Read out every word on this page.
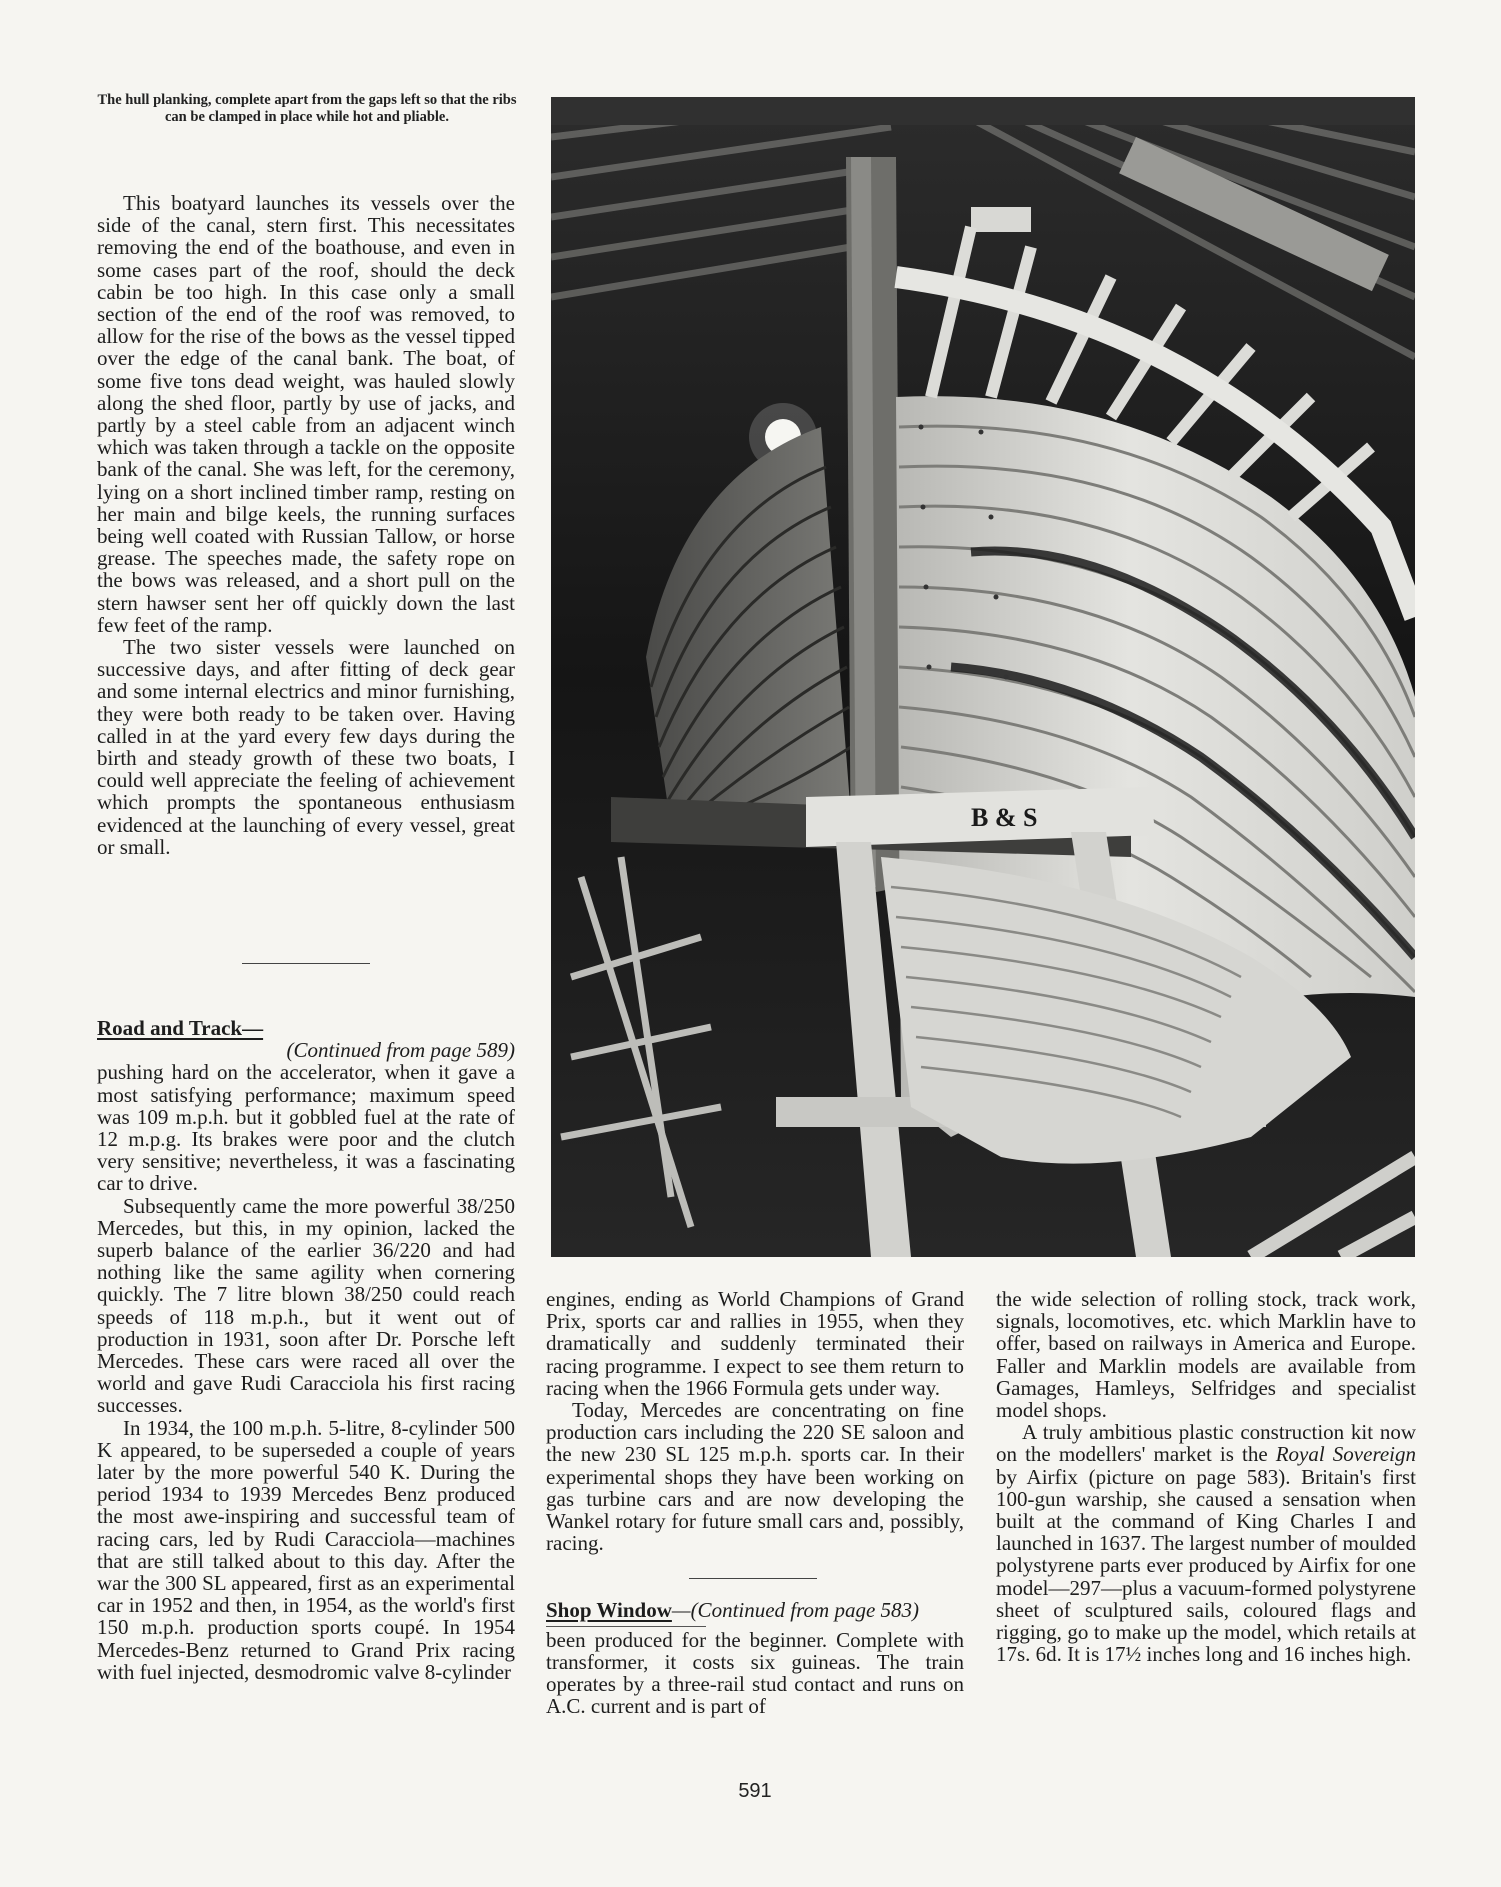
The hull planking, complete apart from the gaps left so that the ribs can be clamped in place while hot and pliable.

This boatyard launches its vessels over the side of the canal, stern first. This necessitates removing the end of the boathouse, and even in some cases part of the roof, should the deck cabin be too high. In this case only a small section of the end of the roof was removed, to allow for the rise of the bows as the vessel tipped over the edge of the canal bank. The boat, of some five tons dead weight, was hauled slowly along the shed floor, partly by use of jacks, and partly by a steel cable from an adjacent winch which was taken through a tackle on the opposite bank of the canal. She was left, for the ceremony, lying on a short inclined timber ramp, resting on her main and bilge keels, the running surfaces being well coated with Russian Tallow, or horse grease. The speeches made, the safety rope on the bows was released, and a short pull on the stern hawser sent her off quickly down the last few feet of the ramp.

The two sister vessels were launched on successive days, and after fitting of deck gear and some internal electrics and minor furnishing, they were both ready to be taken over. Having called in at the yard every few days during the birth and steady growth of these two boats, I could well appreciate the feeling of achievement which prompts the spontaneous enthusiasm evidenced at the launching of every vessel, great or small.

Road and Track—

(Continued from page 589)

pushing hard on the accelerator, when it gave a most satisfying performance; maximum speed was 109 m.p.h. but it gobbled fuel at the rate of 12 m.p.g. Its brakes were poor and the clutch very sensitive; nevertheless, it was a fascinating car to drive.

Subsequently came the more powerful 38/250 Mercedes, but this, in my opinion, lacked the superb balance of the earlier 36/220 and had nothing like the same agility when cornering quickly. The 7 litre blown 38/250 could reach speeds of 118 m.p.h., but it went out of production in 1931, soon after Dr. Porsche left Mercedes. These cars were raced all over the world and gave Rudi Caracciola his first racing successes.

In 1934, the 100 m.p.h. 5-litre, 8-cylinder 500 K appeared, to be superseded a couple of years later by the more powerful 540 K. During the period 1934 to 1939 Mercedes Benz produced the most awe-inspiring and successful team of racing cars, led by Rudi Caracciola—machines that are still talked about to this day. After the war the 300 SL appeared, first as an experimental car in 1952 and then, in 1954, as the world's first 150 m.p.h. production sports coupé. In 1954 Mercedes-Benz returned to Grand Prix racing with fuel injected, desmodromic valve 8-cylinder

engines, ending as World Champions of Grand Prix, sports car and rallies in 1955, when they dramatically and suddenly terminated their racing programme. I expect to see them return to racing when the 1966 Formula gets under way.

Today, Mercedes are concentrating on fine production cars including the 220 SE saloon and the new 230 SL 125 m.p.h. sports car. In their experimental shops they have been working on gas turbine cars and are now developing the Wankel rotary for future small cars and, possibly, racing.

Shop Window—(Continued from page 583)

been produced for the beginner. Complete with transformer, it costs six guineas. The train operates by a three-rail stud contact and runs on A.C. current and is part of

the wide selection of rolling stock, track work, signals, locomotives, etc. which Marklin have to offer, based on railways in America and Europe. Faller and Marklin models are available from Gamages, Hamleys, Selfridges and specialist model shops.

A truly ambitious plastic construction kit now on the modellers' market is the Royal Sovereign by Airfix (picture on page 583). Britain's first 100-gun warship, she caused a sensation when built at the command of King Charles I and launched in 1637. The largest number of moulded polystyrene parts ever produced by Airfix for one model—297—plus a vacuum-formed polystyrene sheet of sculptured sails, coloured flags and rigging, go to make up the model, which retails at 17s. 6d. It is 17½ inches long and 16 inches high.

B & S
591
